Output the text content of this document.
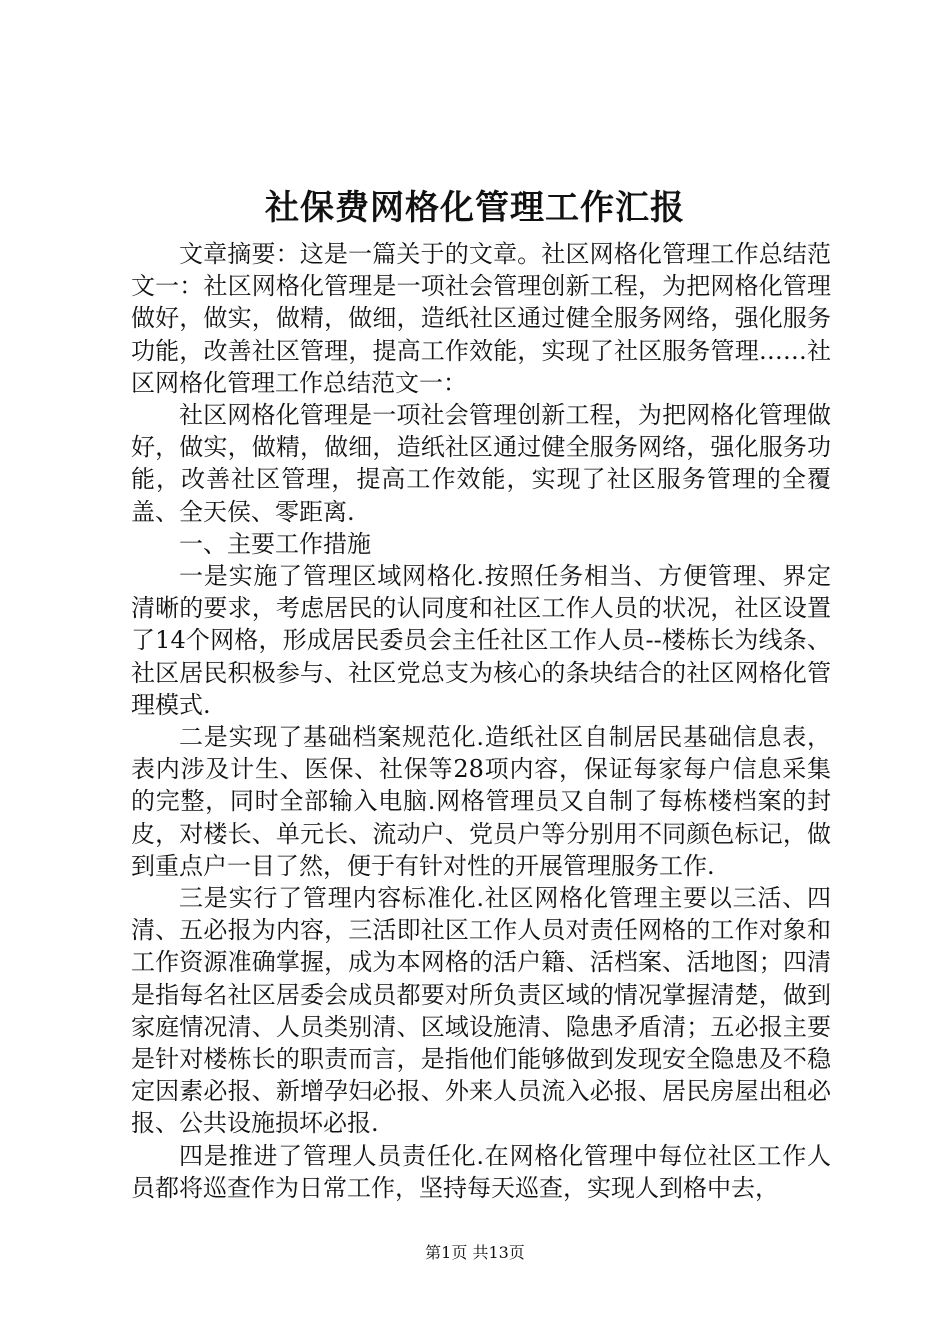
社保费网格化管理工作汇报

文章摘要：这是一篇关于的文章。社区网格化管理工作总结范文一：社区网格化管理是一项社会管理创新工程，为把网格化管理做好，做实，做精，做细，造纸社区通过健全服务网络，强化服务功能，改善社区管理，提高工作效能，实现了社区服务管理……社区网格化管理工作总结范文一：

社区网格化管理是一项社会管理创新工程，为把网格化管理做好，做实，做精，做细，造纸社区通过健全服务网络，强化服务功能，改善社区管理，提高工作效能，实现了社区服务管理的全覆盖、全天侯、零距离.

一、主要工作措施

一是实施了管理区域网格化.按照任务相当、方便管理、界定清晰的要求，考虑居民的认同度和社区工作人员的状况，社区设置了14个网格，形成居民委员会主任社区工作人员--楼栋长为线条、社区居民积极参与、社区党总支为核心的条块结合的社区网格化管理模式.

二是实现了基础档案规范化.造纸社区自制居民基础信息表，表内涉及计生、医保、社保等28项内容，保证每家每户信息采集的完整，同时全部输入电脑.网格管理员又自制了每栋楼档案的封皮，对楼长、单元长、流动户、党员户等分别用不同颜色标记，做到重点户一目了然，便于有针对性的开展管理服务工作.

三是实行了管理内容标准化.社区网格化管理主要以三活、四清、五必报为内容，三活即社区工作人员对责任网格的工作对象和工作资源准确掌握，成为本网格的活户籍、活档案、活地图；四清是指每名社区居委会成员都要对所负责区域的情况掌握清楚，做到家庭情况清、人员类别清、区域设施清、隐患矛盾清；五必报主要是针对楼栋长的职责而言，是指他们能够做到发现安全隐患及不稳定因素必报、新增孕妇必报、外来人员流入必报、居民房屋出租必报、公共设施损坏必报.

四是推进了管理人员责任化.在网格化管理中每位社区工作人员都将巡查作为日常工作，坚持每天巡查，实现人到格中去，

第1页 共13页
